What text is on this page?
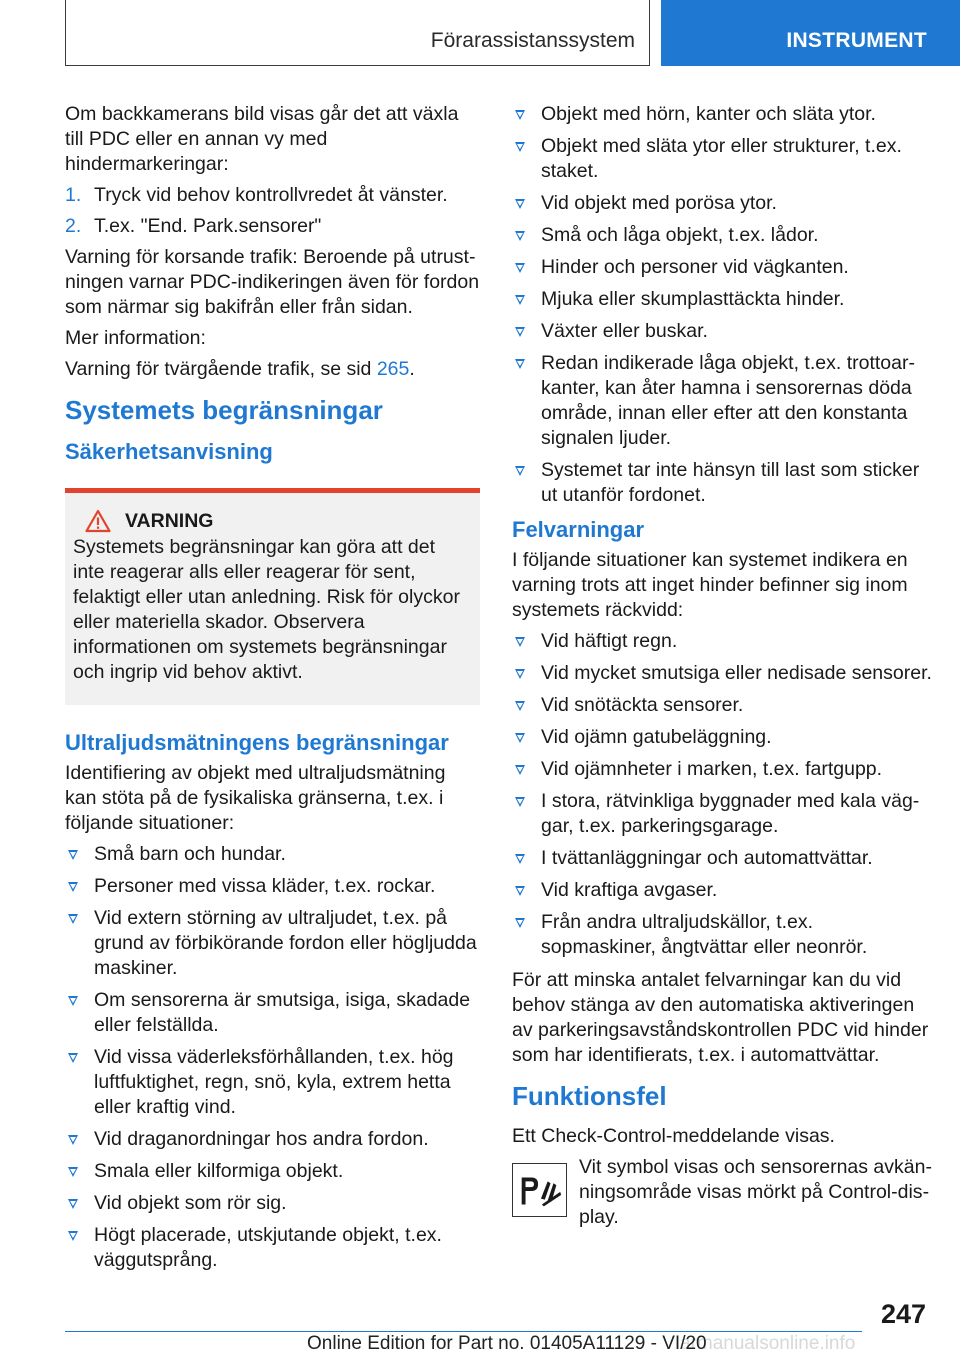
Förarassistanssystem	INSTRUMENT

Om backkamerans bild visas går det att växla till PDC eller en annan vy med hindermarkeringar:

1. Tryck vid behov kontrollvredet åt vänster.
2. T.ex. "End. Park.sensorer"

Varning för korsande trafik: Beroende på utrustningen varnar PDC-indikeringen även för fordon som närmar sig bakifrån eller från sidan.

Mer information:

Varning för tvärgående trafik, se sid 265.

Systemets begränsningar
Säkerhetsanvisning
VARNING

Systemets begränsningar kan göra att det inte reagerar alls eller reagerar för sent, felaktigt eller utan anledning. Risk för olyckor eller materiella skador. Observera informationen om systemets begränsningar och ingrip vid behov aktivt.

Ultraljudsmätningens begränsningar

Identifiering av objekt med ultraljudsmätning kan stöta på de fysikaliska gränserna, t.ex. i följande situationer:

Små barn och hundar.
Personer med vissa kläder, t.ex. rockar.
Vid extern störning av ultraljudet, t.ex. på grund av förbikörande fordon eller högljudda maskiner.
Om sensorerna är smutsiga, isiga, skadade eller felställda.
Vid vissa väderleksförhållanden, t.ex. hög luftfuktighet, regn, snö, kyla, extrem hetta eller kraftig vind.
Vid draganordningar hos andra fordon.
Smala eller kilformiga objekt.
Vid objekt som rör sig.
Högt placerade, utskjutande objekt, t.ex. väggutsprång.
Objekt med hörn, kanter och släta ytor.
Objekt med släta ytor eller strukturer, t.ex. staket.
Vid objekt med porösa ytor.
Små och låga objekt, t.ex. lådor.
Hinder och personer vid vägkanten.
Mjuka eller skumplasttäckta hinder.
Växter eller buskar.
Redan indikerade låga objekt, t.ex. trottoarkanter, kan åter hamna i sensorernas döda område, innan eller efter att den konstanta signalen ljuder.
Systemet tar inte hänsyn till last som sticker ut utanför fordonet.
Felvarningar

I följande situationer kan systemet indikera en varning trots att inget hinder befinner sig inom systemets räckvidd:

Vid häftigt regn.
Vid mycket smutsiga eller nedisade sensorer.
Vid snötäckta sensorer.
Vid ojämn gatubeläggning.
Vid ojämnheter i marken, t.ex. fartgupp.
I stora, rätvinkliga byggnader med kala väggar, t.ex. parkeringsgarage.
I tvättanläggningar och automattvättar.
Vid kraftiga avgaser.
Från andra ultraljudskällor, t.ex. sopmaskiner, ångtvättar eller neonrör.

För att minska antalet felvarningar kan du vid behov stänga av den automatiska aktiveringen av parkeringsavståndskontrollen PDC vid hinder som har identifierats, t.ex. i automattvättar.

Funktionsfel

Ett Check-Control-meddelande visas.

Vit symbol visas och sensorernas avkänningsområde visas mörkt på Control-display.

247
armanualsonline.info
Online Edition for Part no. 01405A11129 - VI/20
